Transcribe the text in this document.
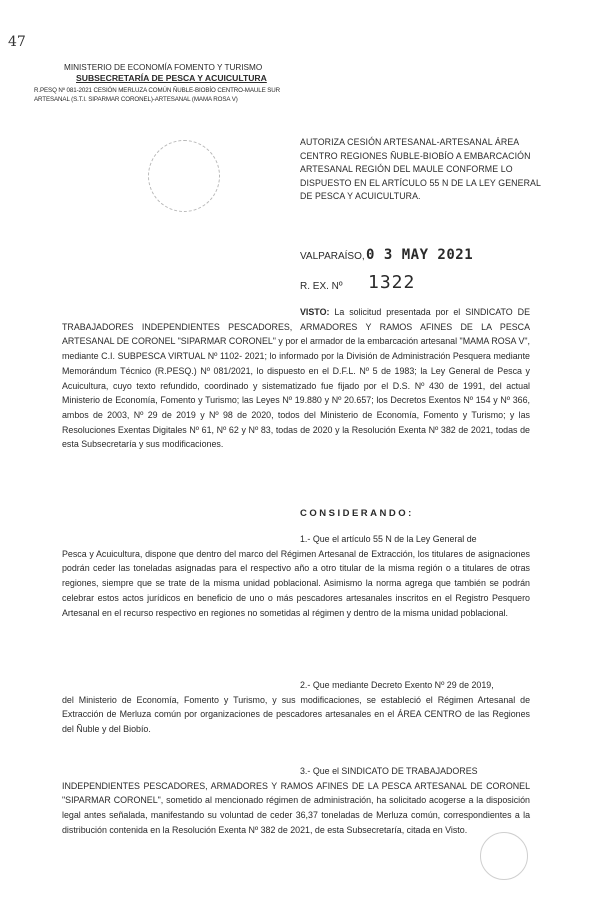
47
MINISTERIO DE ECONOMÍA FOMENTO Y TURISMO
SUBSECRETARÍA DE PESCA Y ACUICULTURA
R.PESQ Nº 081-2021 CESIÓN MERLUZA COMÚN ÑUBLE-BIOBÍO CENTRO-MAULE SUR
ARTESANAL (S.T.I. SIPARMAR CORONEL)-ARTESANAL (MAMA ROSA V)
AUTORIZA CESIÓN ARTESANAL-ARTESANAL ÁREA
CENTRO REGIONES ÑUBLE-BIOBÍO A EMBARCACIÓN
ARTESANAL REGIÓN DEL MAULE CONFORME LO
DISPUESTO EN EL ARTÍCULO 55 N DE LA LEY GENERAL
DE PESCA Y ACUICULTURA.
VALPARAÍSO, 0 3 MAY 2021
R. EX. Nº 1322
VISTO: La solicitud presentada por el SINDICATO DE TRABAJADORES INDEPENDIENTES PESCADORES, ARMADORES Y RAMOS AFINES DE LA PESCA ARTESANAL DE CORONEL "SIPARMAR CORONEL" y por el armador de la embarcación artesanal "MAMA ROSA V", mediante C.I. SUBPESCA VIRTUAL Nº 1102- 2021; lo informado por la División de Administración Pesquera mediante Memorándum Técnico (R.PESQ.) Nº 081/2021, lo dispuesto en el D.F.L. Nº 5 de 1983; la Ley General de Pesca y Acuicultura, cuyo texto refundido, coordinado y sistematizado fue fijado por el D.S. Nº 430 de 1991, del actual Ministerio de Economía, Fomento y Turismo; las Leyes Nº 19.880 y Nº 20.657; los Decretos Exentos Nº 154 y Nº 366, ambos de 2003, Nº 29 de 2019 y Nº 98 de 2020, todos del Ministerio de Economía, Fomento y Turismo; y las Resoluciones Exentas Digitales Nº 61, Nº 62 y Nº 83, todas de 2020 y la Resolución Exenta Nº 382 de 2021, todas de esta Subsecretaría y sus modificaciones.
CONSIDERANDO:
1.- Que el artículo 55 N de la Ley General de
Pesca y Acuicultura, dispone que dentro del marco del Régimen Artesanal de Extracción, los titulares de asignaciones podrán ceder las toneladas asignadas para el respectivo año a otro titular de la misma región o a titulares de otras regiones, siempre que se trate de la misma unidad poblacional. Asimismo la norma agrega que también se podrán celebrar estos actos jurídicos en beneficio de uno o más pescadores artesanales inscritos en el Registro Pesquero Artesanal en el recurso respectivo en regiones no sometidas al régimen y dentro de la misma unidad poblacional.
2.- Que mediante Decreto Exento Nº 29 de 2019,
del Ministerio de Economía, Fomento y Turismo, y sus modificaciones, se estableció el Régimen Artesanal de Extracción de Merluza común por organizaciones de pescadores artesanales en el ÁREA CENTRO de las Regiones del Ñuble y del Biobío.
3.- Que el SINDICATO DE TRABAJADORES
INDEPENDIENTES PESCADORES, ARMADORES Y RAMOS AFINES DE LA PESCA ARTESANAL DE CORONEL "SIPARMAR CORONEL", sometido al mencionado régimen de administración, ha solicitado acogerse a la disposición legal antes señalada, manifestando su voluntad de ceder 36,37 toneladas de Merluza común, correspondientes a la distribución contenida en la Resolución Exenta Nº 382 de 2021, de esta Subsecretaría, citada en Visto.
